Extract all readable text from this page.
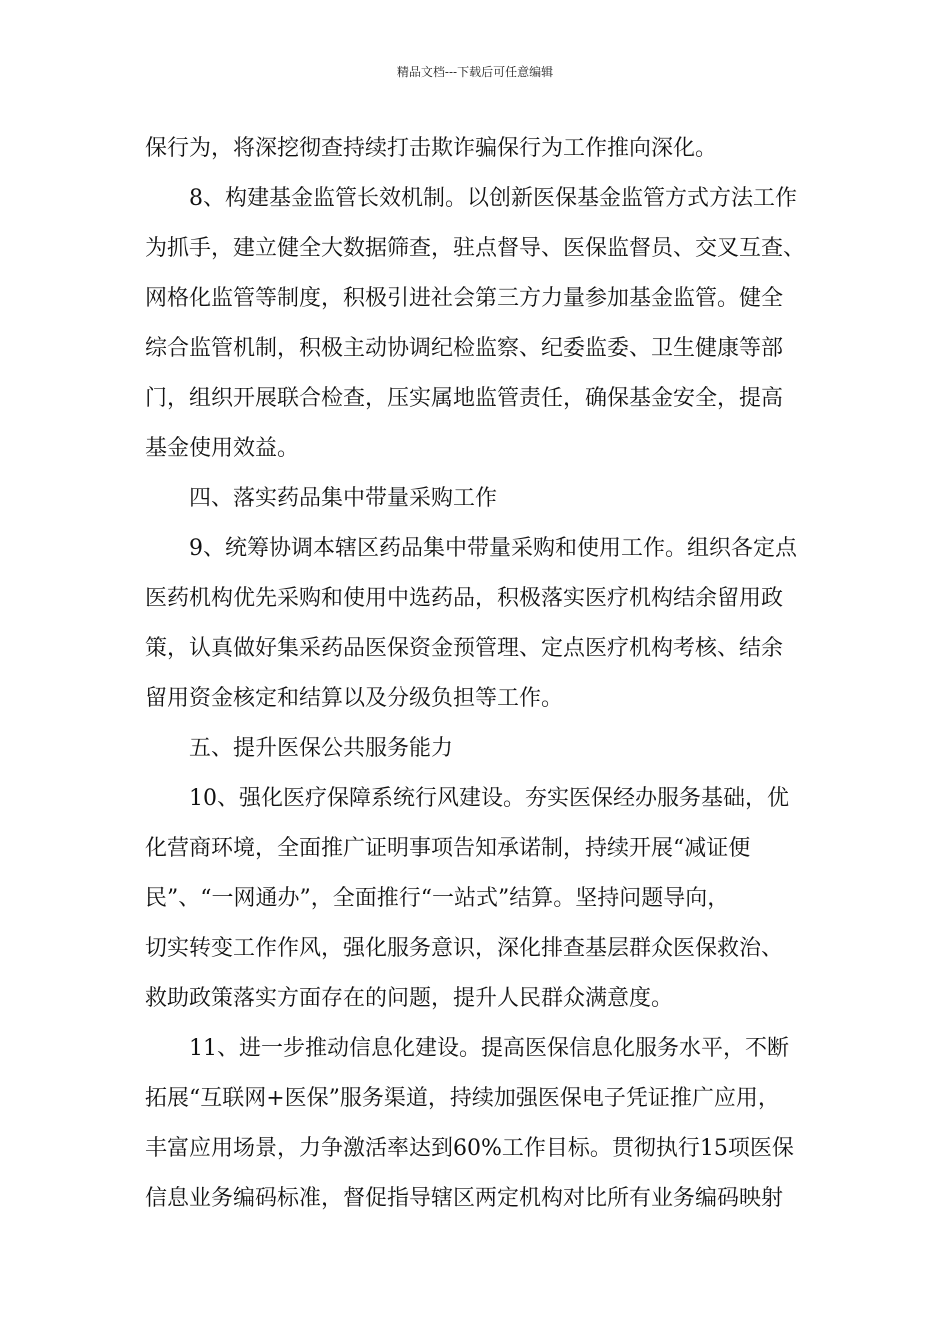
精品文档---下载后可任意编辑
保行为，将深挖彻查持续打击欺诈骗保行为工作推向深化。
8、构建基金监管长效机制。以创新医保基金监管方式方法工作
为抓手，建立健全大数据筛查，驻点督导、医保监督员、交叉互查、
网格化监管等制度，积极引进社会第三方力量参加基金监管。健全
综合监管机制，积极主动协调纪检监察、纪委监委、卫生健康等部
门，组织开展联合检查，压实属地监管责任，确保基金安全，提高
基金使用效益。
四、落实药品集中带量采购工作
9、统筹协调本辖区药品集中带量采购和使用工作。组织各定点
医药机构优先采购和使用中选药品，积极落实医疗机构结余留用政
策，认真做好集采药品医保资金预管理、定点医疗机构考核、结余
留用资金核定和结算以及分级负担等工作。
五、提升医保公共服务能力
10、强化医疗保障系统行风建设。夯实医保经办服务基础，优
化营商环境，全面推广证明事项告知承诺制，持续开展“减证便
民”、“一网通办”，全面推行“一站式”结算。坚持问题导向，
切实转变工作作风，强化服务意识，深化排查基层群众医保救治、
救助政策落实方面存在的问题，提升人民群众满意度。
11、进一步推动信息化建设。提高医保信息化服务水平，不断
拓展“互联网+医保”服务渠道，持续加强医保电子凭证推广应用，
丰富应用场景，力争激活率达到60%工作目标。贯彻执行15项医保
信息业务编码标准，督促指导辖区两定机构对比所有业务编码映射
